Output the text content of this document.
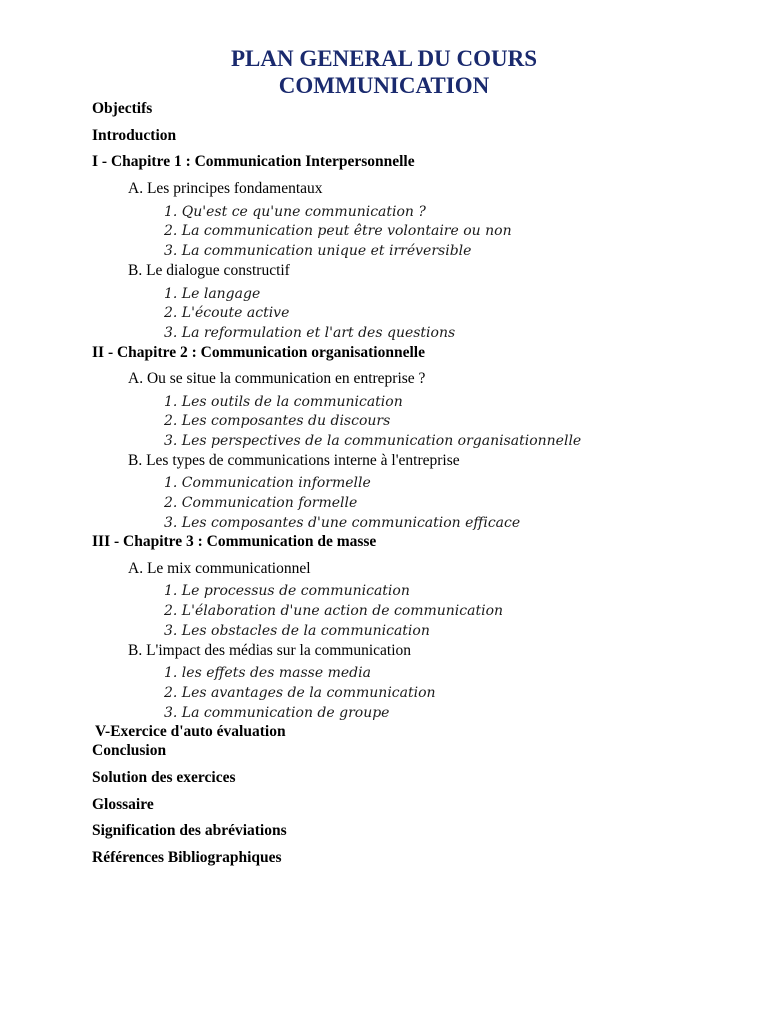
PLAN GENERAL DU COURS
COMMUNICATION
Objectifs
Introduction
I - Chapitre 1 : Communication Interpersonnelle
A. Les principes fondamentaux
1. Qu'est ce qu'une communication ?
2. La communication peut être volontaire ou non
3. La communication unique et irréversible
B. Le dialogue constructif
1. Le langage
2. L'écoute active
3. La reformulation et l'art des questions
II - Chapitre 2 : Communication organisationnelle
A. Ou se situe la communication en entreprise ?
1. Les outils de la communication
2. Les composantes du discours
3. Les perspectives de la communication organisationnelle
B. Les types de communications interne à l'entreprise
1. Communication informelle
2. Communication formelle
3. Les composantes d'une communication efficace
III - Chapitre 3 : Communication de masse
A. Le mix communicationnel
1. Le processus de communication
2. L'élaboration d'une action de communication
3. Les obstacles de la communication
B. L'impact des médias sur la communication
1. les effets des masse media
2. Les avantages de la communication
3. La communication de groupe
V-Exercice d'auto évaluation
Conclusion
Solution des exercices
Glossaire
Signification des abréviations
Références Bibliographiques
